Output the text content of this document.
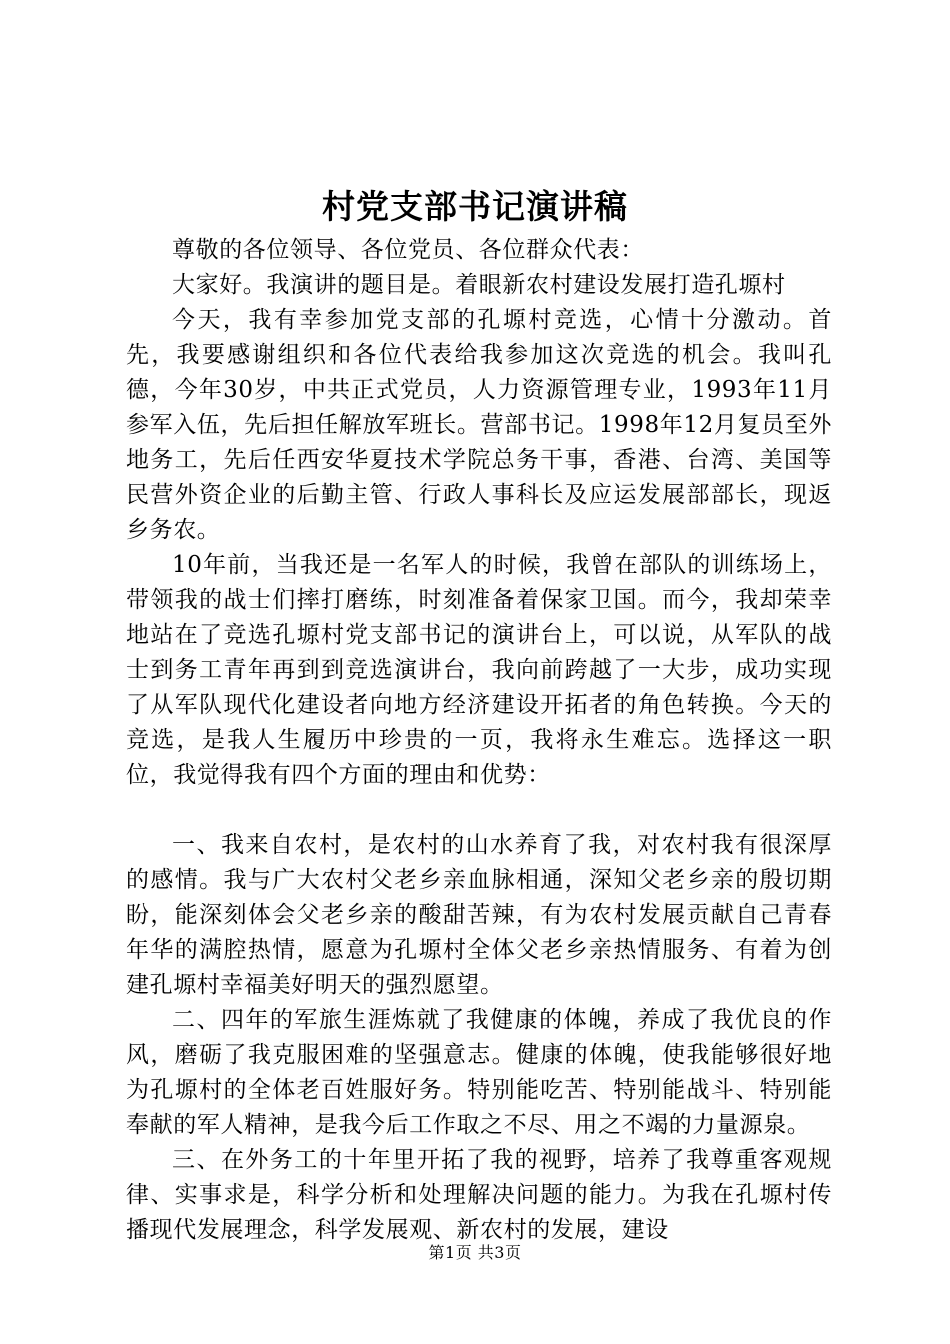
村党支部书记演讲稿

尊敬的各位领导、各位党员、各位群众代表：

大家好。我演讲的题目是。着眼新农村建设发展打造孔塬村

今天，我有幸参加党支部的孔塬村竞选，心情十分激动。首先，我要感谢组织和各位代表给我参加这次竞选的机会。我叫孔德，今年30岁，中共正式党员，人力资源管理专业，1993年11月参军入伍，先后担任解放军班长。营部书记。1998年12月复员至外地务工，先后任西安华夏技术学院总务干事，香港、台湾、美国等民营外资企业的后勤主管、行政人事科长及应运发展部部长，现返乡务农。

10年前，当我还是一名军人的时候，我曾在部队的训练场上，带领我的战士们摔打磨练，时刻准备着保家卫国。而今，我却荣幸地站在了竞选孔塬村党支部书记的演讲台上，可以说，从军队的战士到务工青年再到到竞选演讲台，我向前跨越了一大步，成功实现了从军队现代化建设者向地方经济建设开拓者的角色转换。今天的竞选，是我人生履历中珍贵的一页，我将永生难忘。选择这一职位，我觉得我有四个方面的理由和优势：

一、我来自农村，是农村的山水养育了我，对农村我有很深厚的感情。我与广大农村父老乡亲血脉相通，深知父老乡亲的殷切期盼，能深刻体会父老乡亲的酸甜苦辣，有为农村发展贡献自己青春年华的满腔热情，愿意为孔塬村全体父老乡亲热情服务、有着为创建孔塬村幸福美好明天的强烈愿望。

二、四年的军旅生涯炼就了我健康的体魄，养成了我优良的作风，磨砺了我克服困难的坚强意志。健康的体魄，使我能够很好地为孔塬村的全体老百姓服好务。特别能吃苦、特别能战斗、特别能奉献的军人精神，是我今后工作取之不尽、用之不竭的力量源泉。

三、在外务工的十年里开拓了我的视野，培养了我尊重客观规律、实事求是，科学分析和处理解决问题的能力。为我在孔塬村传播现代发展理念，科学发展观、新农村的发展，建设

第1页 共3页
